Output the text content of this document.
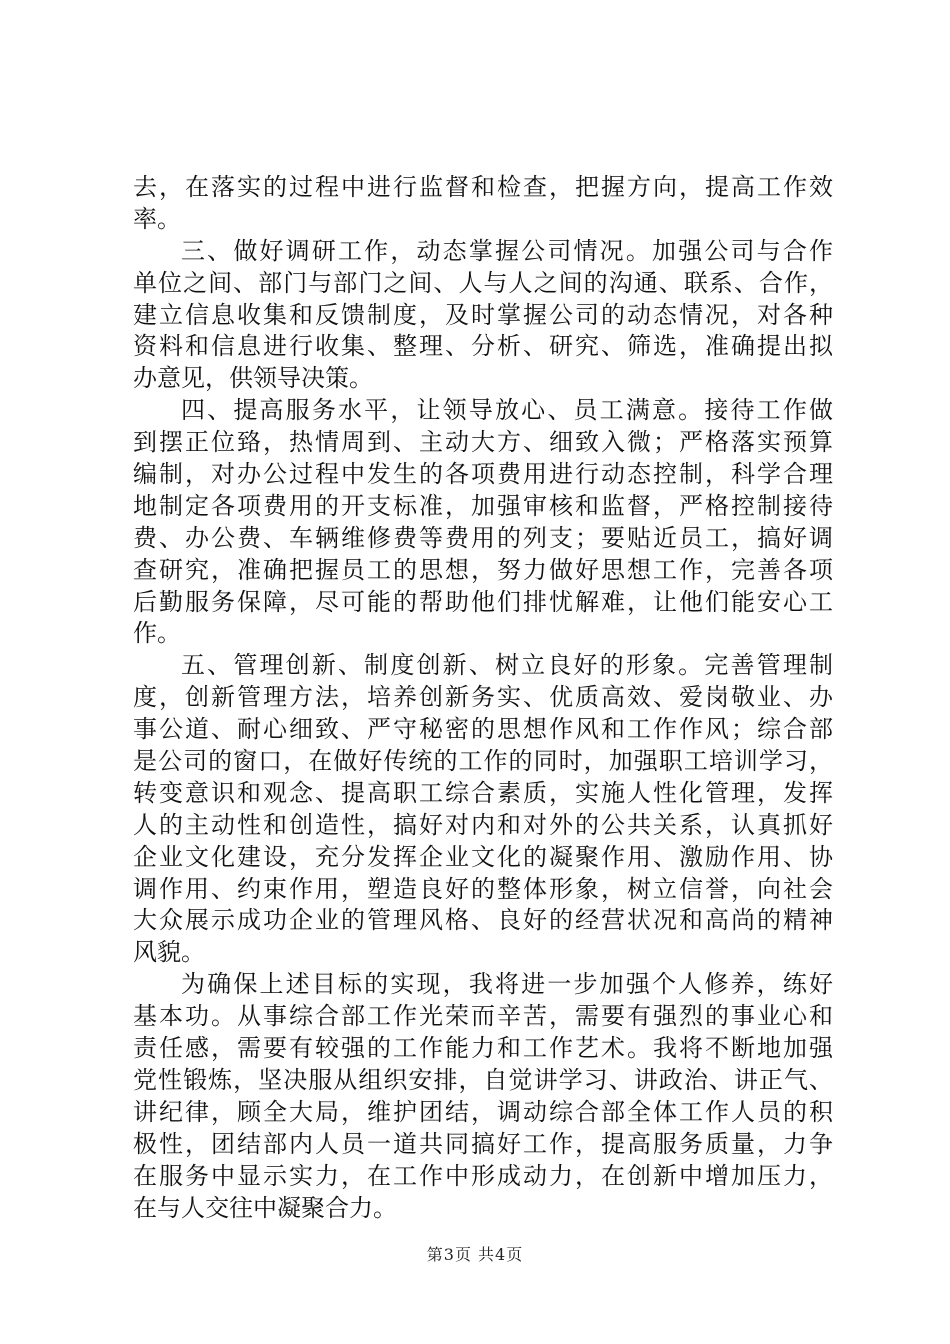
去，在落实的过程中进行监督和检查，把握方向，提高工作效
率。
三、做好调研工作，动态掌握公司情况。加强公司与合作
单位之间、部门与部门之间、人与人之间的沟通、联系、合作，
建立信息收集和反馈制度，及时掌握公司的动态情况，对各种
资料和信息进行收集、整理、分析、研究、筛选，准确提出拟
办意见，供领导决策。
四、提高服务水平，让领导放心、员工满意。接待工作做
到摆正位臵，热情周到、主动大方、细致入微；严格落实预算
编制，对办公过程中发生的各项费用进行动态控制，科学合理
地制定各项费用的开支标准，加强审核和监督，严格控制接待
费、办公费、车辆维修费等费用的列支；要贴近员工，搞好调
查研究，准确把握员工的思想，努力做好思想工作，完善各项
后勤服务保障，尽可能的帮助他们排忧解难，让他们能安心工
作。
五、管理创新、制度创新、树立良好的形象。完善管理制
度，创新管理方法，培养创新务实、优质高效、爱岗敬业、办
事公道、耐心细致、严守秘密的思想作风和工作作风；综合部
是公司的窗口，在做好传统的工作的同时，加强职工培训学习，
转变意识和观念、提高职工综合素质，实施人性化管理，发挥
人的主动性和创造性，搞好对内和对外的公共关系，认真抓好
企业文化建设，充分发挥企业文化的凝聚作用、激励作用、协
调作用、约束作用，塑造良好的整体形象，树立信誉，向社会
大众展示成功企业的管理风格、良好的经营状况和高尚的精神
风貌。
为确保上述目标的实现，我将进一步加强个人修养，练好
基本功。从事综合部工作光荣而辛苦，需要有强烈的事业心和
责任感，需要有较强的工作能力和工作艺术。我将不断地加强
党性锻炼，坚决服从组织安排，自觉讲学习、讲政治、讲正气、
讲纪律，顾全大局，维护团结，调动综合部全体工作人员的积
极性，团结部内人员一道共同搞好工作，提高服务质量，力争
在服务中显示实力，在工作中形成动力，在创新中增加压力，
在与人交往中凝聚合力。
第3页 共4页
